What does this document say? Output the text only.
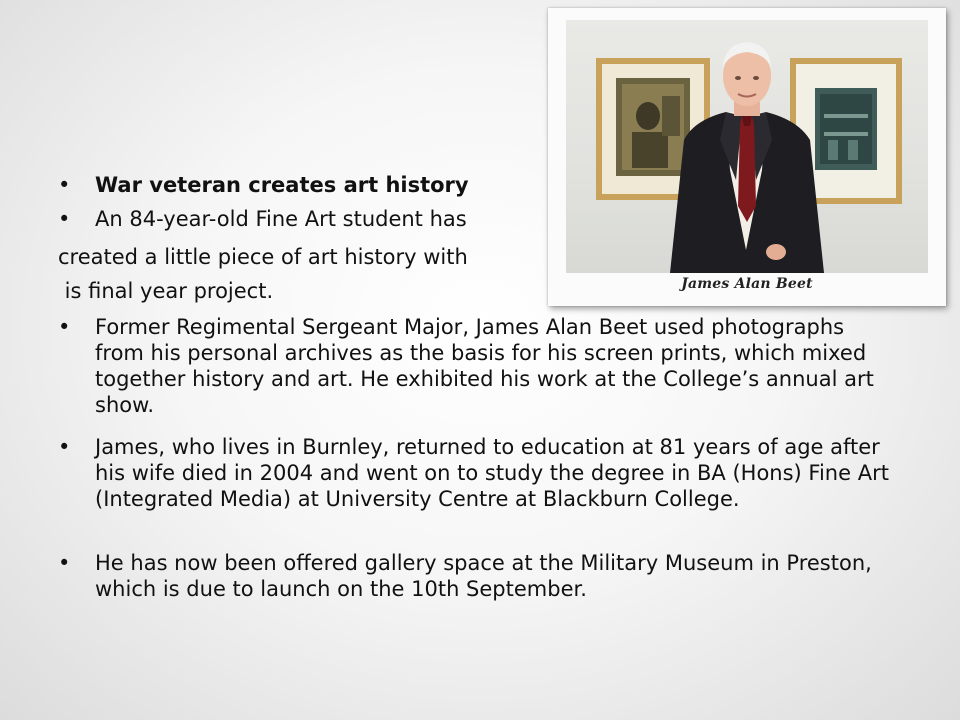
James Alan Beet
•	War veteran creates art history
•	An 84-year-old Fine Art student has
created a little piece of art history with
is final year project.
•	Former Regimental Sergeant Major, James Alan Beet used photographs from his personal archives as the basis for his screen prints, which mixed together history and art. He exhibited his work at the College’s annual art show.
•	James, who lives in Burnley, returned to education at 81 years of age after his wife died in 2004 and went on to study the degree in BA (Hons) Fine Art (Integrated Media) at University Centre at Blackburn College.
•	He has now been offered gallery space at the Military Museum in Preston, which is due to launch on the 10th September.
